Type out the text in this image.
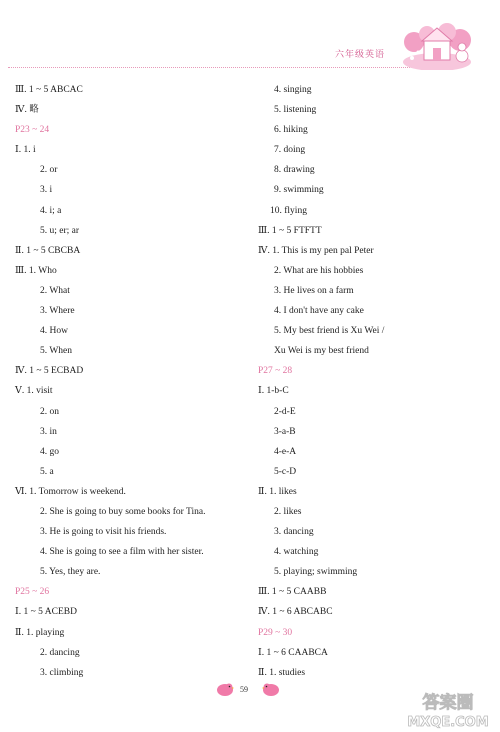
六年级英语
Ⅲ. 1 ~ 5 ABCAC
Ⅳ. 略
P23 ~ 24
Ⅰ. 1. i
2. or
3. i
4. i; a
5. u; er; ar
Ⅱ. 1 ~ 5 CBCBA
Ⅲ. 1. Who
2. What
3. Where
4. How
5. When
Ⅳ. 1 ~ 5 ECBAD
Ⅴ. 1. visit
2. on
3. in
4. go
5. a
Ⅵ. 1. Tomorrow is weekend.
2. She is going to buy some books for Tina.
3. He is going to visit his friends.
4. She is going to see a film with her sister.
5. Yes, they are.
P25 ~ 26
Ⅰ. 1 ~ 5 ACEBD
Ⅱ. 1. playing
2. dancing
3. climbing
4. singing
5. listening
6. hiking
7. doing
8. drawing
9. swimming
10. flying
Ⅲ. 1 ~ 5 FTFTT
Ⅳ. 1. This is my pen pal Peter
2. What are his hobbies
3. He lives on a farm
4. I don't have any cake
5. My best friend is Xu Wei /
Xu Wei is my best friend
P27 ~ 28
Ⅰ. 1-b-C
2-d-E
3-a-B
4-e-A
5-c-D
Ⅱ. 1. likes
2. likes
3. dancing
4. watching
5. playing; swimming
Ⅲ. 1 ~ 5 CAABB
Ⅳ. 1 ~ 6 ABCABC
P29 ~ 30
Ⅰ. 1 ~ 6 CAABCA
Ⅱ. 1. studies
59
答案圈
MXQE.COM
